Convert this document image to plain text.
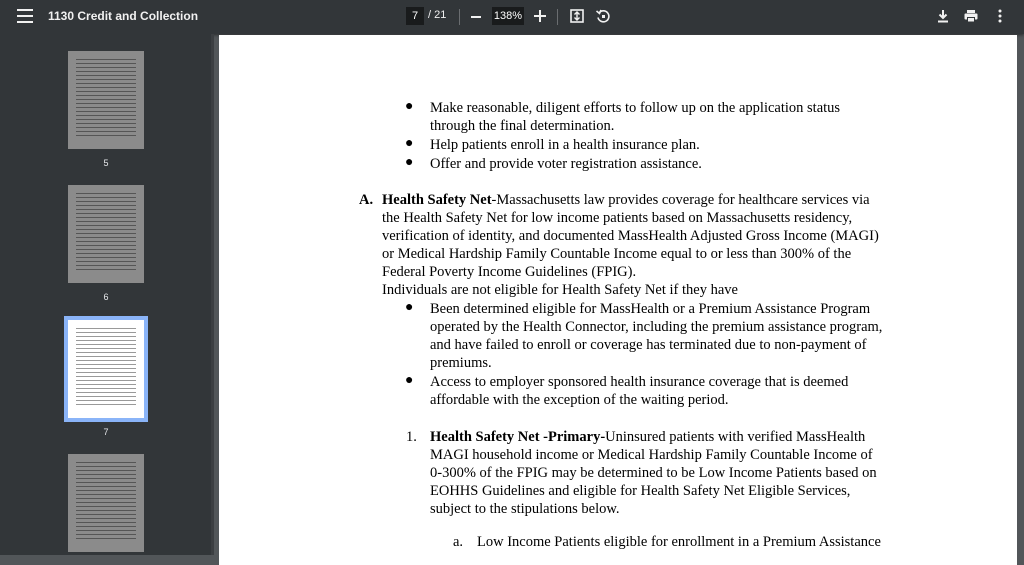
1130 Credit and Collection	7 / 21	138%
5
6
7
● Make reasonable, diligent efforts to follow up on the application status
through the final determination.
● Help patients enroll in a health insurance plan.
● Offer and provide voter registration assistance.
A. Health Safety Net-Massachusetts law provides coverage for healthcare services via
the Health Safety Net for low income patients based on Massachusetts residency,
verification of identity, and documented MassHealth Adjusted Gross Income (MAGI)
or Medical Hardship Family Countable Income equal to or less than 300% of the
Federal Poverty Income Guidelines (FPIG).
Individuals are not eligible for Health Safety Net if they have
● Been determined eligible for MassHealth or a Premium Assistance Program
operated by the Health Connector, including the premium assistance program,
and have failed to enroll or coverage has terminated due to non-payment of
premiums.
● Access to employer sponsored health insurance coverage that is deemed
affordable with the exception of the waiting period.
1. Health Safety Net -Primary-Uninsured patients with verified MassHealth
MAGI household income or Medical Hardship Family Countable Income of
0-300% of the FPIG may be determined to be Low Income Patients based on
EOHHS Guidelines and eligible for Health Safety Net Eligible Services,
subject to the stipulations below.
a. Low Income Patients eligible for enrollment in a Premium Assistance
